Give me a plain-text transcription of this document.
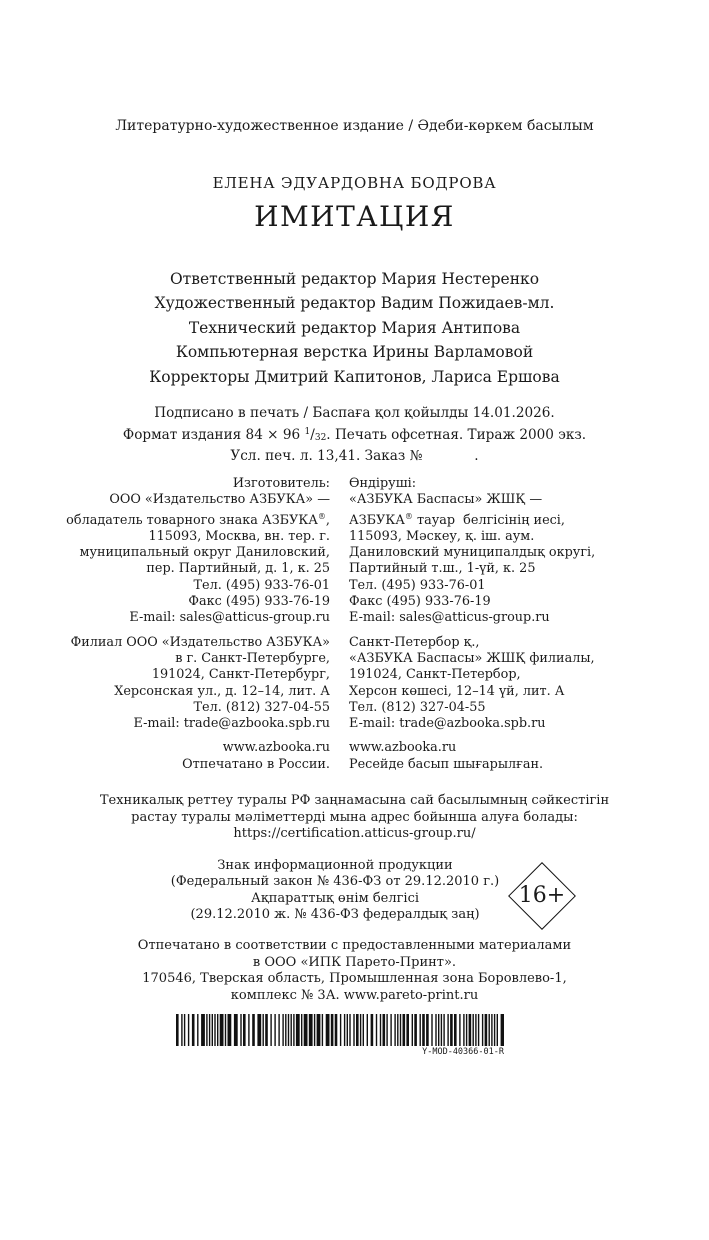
Литературно-художественное издание / Әдеби-көркем басылым
ЕЛЕНА ЭДУАРДОВНА БОДРОВА
ИМИТАЦИЯ
Ответственный редактор Мария Нестеренко
Художественный редактор Вадим Пожидаев-мл.
Технический редактор Мария Антипова
Компьютерная верстка Ирины Варламовой
Корректоры Дмитрий Капитонов, Лариса Ершова
Подписано в печать / Баспаға қол қойылды 14.01.2026.
Формат издания 84 × 96 $^1/_{32}$. Печать офсетная. Тираж 2000 экз.
Усл. печ. л. 13,41. Заказ №            .
Изготовитель:
ООО «Издательство АЗБУКА» —
обладатель товарного знака АЗБУКА®,
115093, Москва, вн. тер. г.
муниципальный округ Даниловский,
пер. Партийный, д. 1, к. 25
Тел. (495) 933-76-01
Факс (495) 933-76-19
E-mail: sales@atticus-group.ru
Филиал ООО «Издательство АЗБУКА»
в г. Санкт-Петербурге,
191024, Санкт-Петербург,
Херсонская ул., д. 12–14, лит. А
Тел. (812) 327-04-55
E-mail: trade@azbooka.spb.ru
www.azbooka.ru
Отпечатано в России.
Өндіруші:
«АЗБУКА Баспасы» ЖШҚ —
АЗБУКА® тауар  белгісінің иесі,
115093, Мәскеу, қ. іш. аум.
Даниловский муниципалдық округі,
Партийный т.ш., 1-үй, к. 25
Тел. (495) 933-76-01
Факс (495) 933-76-19
E-mail: sales@atticus-group.ru
Санкт-Петербор қ.,
«АЗБУКА Баспасы» ЖШҚ филиалы,
191024, Санкт-Петербор,
Херсон көшесі, 12–14 үй, лит. А
Тел. (812) 327-04-55
E-mail: trade@azbooka.spb.ru
www.azbooka.ru
Ресейде басып шығарылған.
Техникалық реттеу туралы РФ заңнамасына сай басылымның сәйкестігін
растау туралы мәліметтерді мына адрес бойынша алуға болады:
https://certification.atticus-group.ru/
Знак информационной продукции
(Федеральный закон № 436-ФЗ от 29.12.2010 г.)
Ақпараттық өнім белгісі
(29.12.2010 ж. № 436-ФЗ федералдық заң)
16+
Отпечатано в соответствии с предоставленными материалами
в ООО «ИПК Парето-Принт».
170546, Тверская область, Промышленная зона Боровлево-1,
комплекс № 3А. www.pareto-print.ru
Y-MOD-40366-01-R
